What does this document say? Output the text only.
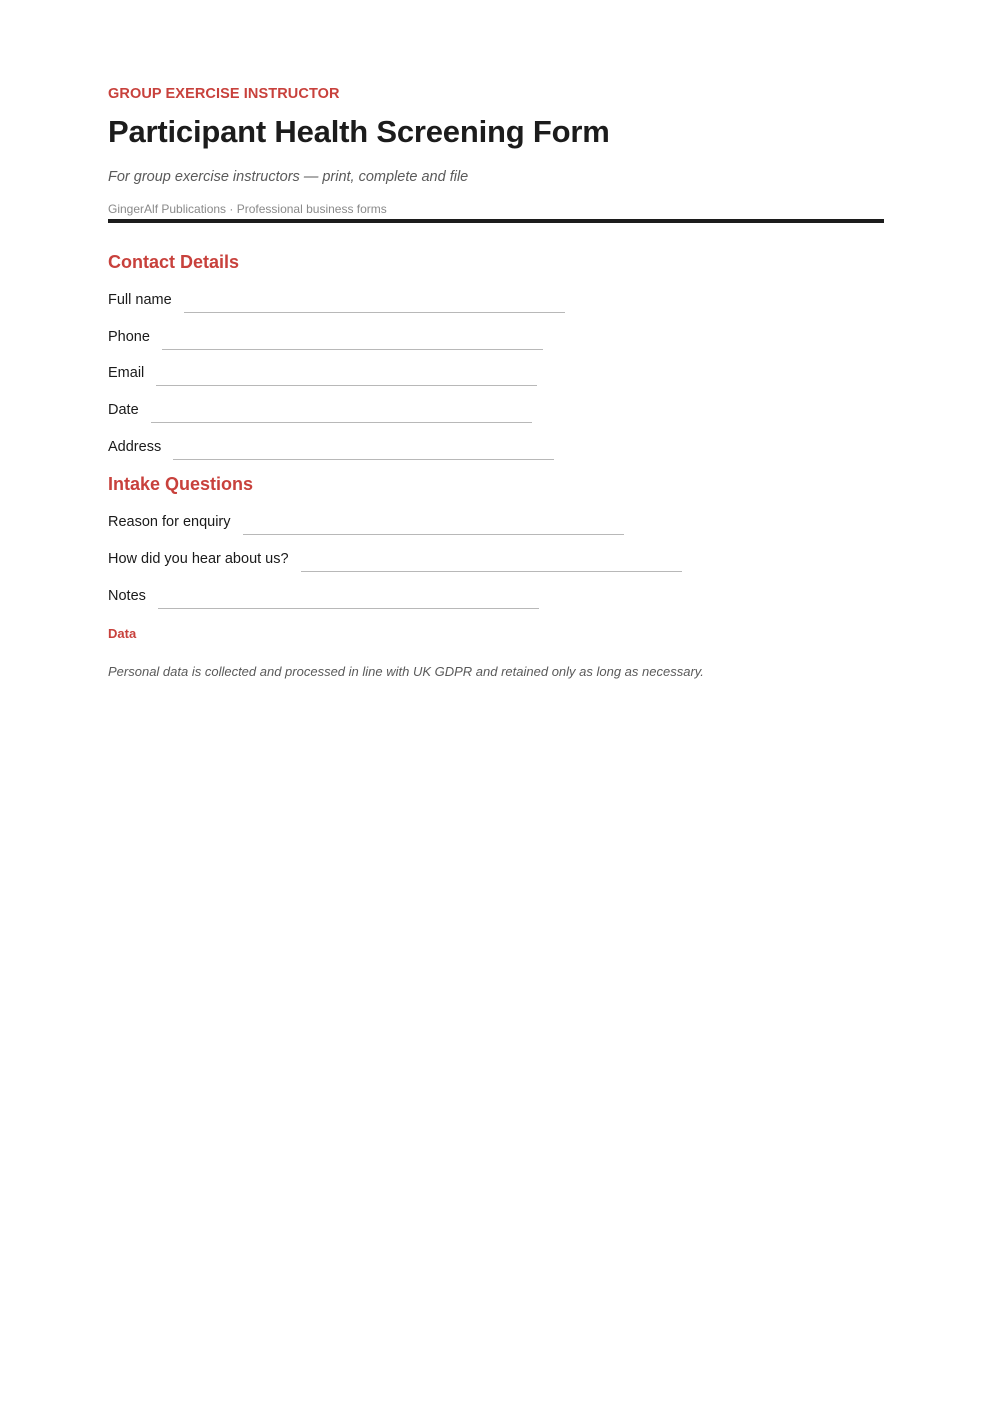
GROUP EXERCISE INSTRUCTOR
Participant Health Screening Form
For group exercise instructors — print, complete and file
GingerAlf Publications · Professional business forms
Contact Details
Full name
Phone
Email
Date
Address
Intake Questions
Reason for enquiry
How did you hear about us?
Notes
Data
Personal data is collected and processed in line with UK GDPR and retained only as long as necessary.
